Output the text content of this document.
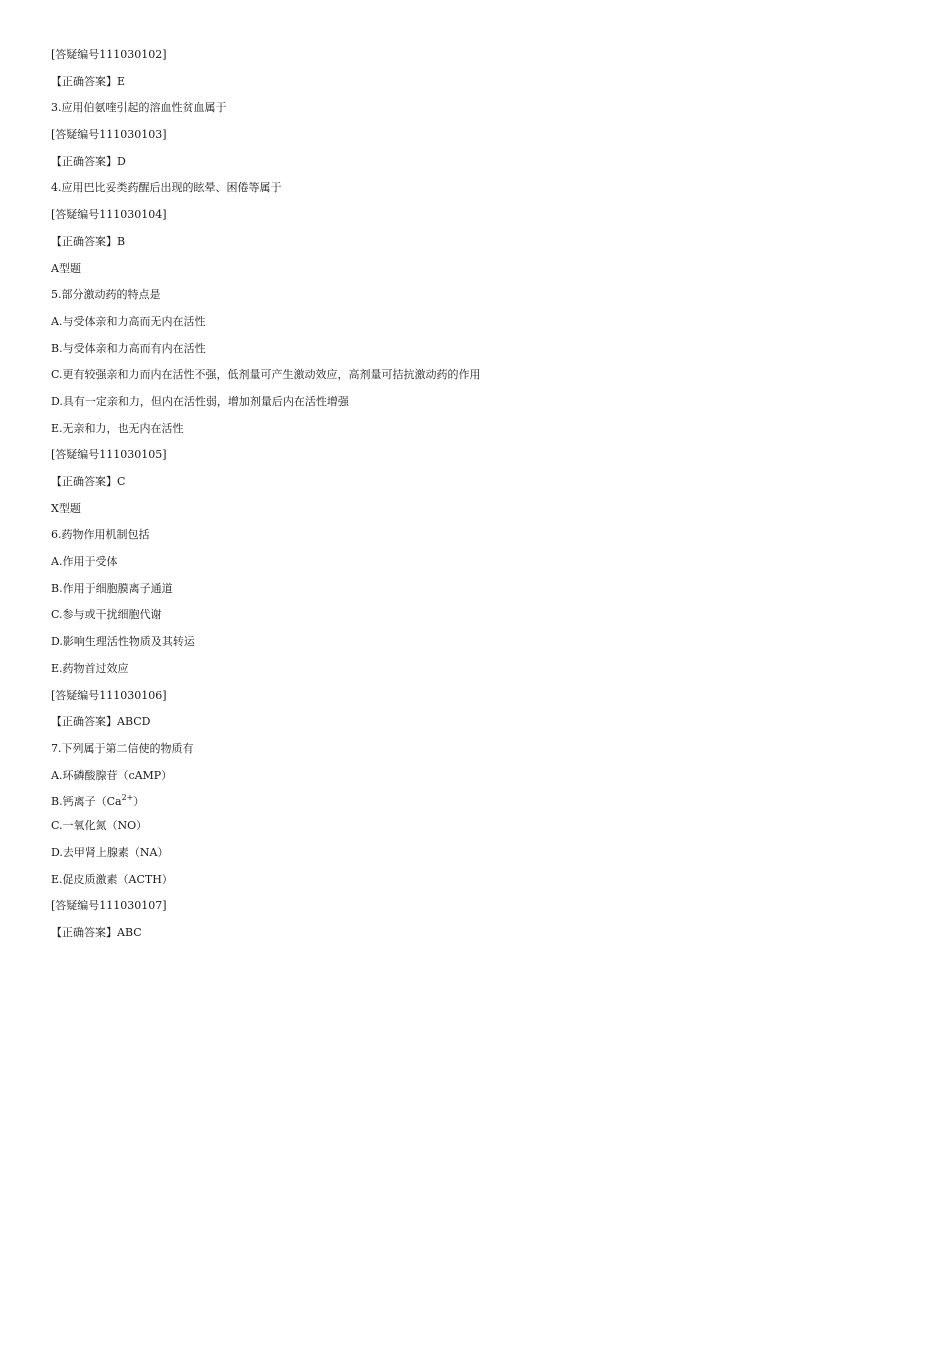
[答疑编号111030102]
【正确答案】E
3.应用伯氨喹引起的溶血性贫血属于
[答疑编号111030103]
【正确答案】D
4.应用巴比妥类药醒后出现的眩晕、困倦等属于
[答疑编号111030104]
【正确答案】B
A型题
5.部分激动药的特点是
A.与受体亲和力高而无内在活性
B.与受体亲和力高而有内在活性
C.更有较强亲和力而内在活性不强，低剂量可产生激动效应，高剂量可拮抗激动药的作用
D.具有一定亲和力，但内在活性弱，增加剂量后内在活性增强
E.无亲和力，也无内在活性
[答疑编号111030105]
【正确答案】C
X型题
6.药物作用机制包括
A.作用于受体
B.作用于细胞膜离子通道
C.参与或干扰细胞代谢
D.影响生理活性物质及其转运
E.药物首过效应
[答疑编号111030106]
【正确答案】ABCD
7.下列属于第二信使的物质有
A.环磷酸腺苷（cAMP）
B.钙离子$(Ca^{2+})$
C.一氧化氮（NO）
D.去甲肾上腺素（NA）
E.促皮质激素（ACTH）
[答疑编号111030107]
【正确答案】ABC
